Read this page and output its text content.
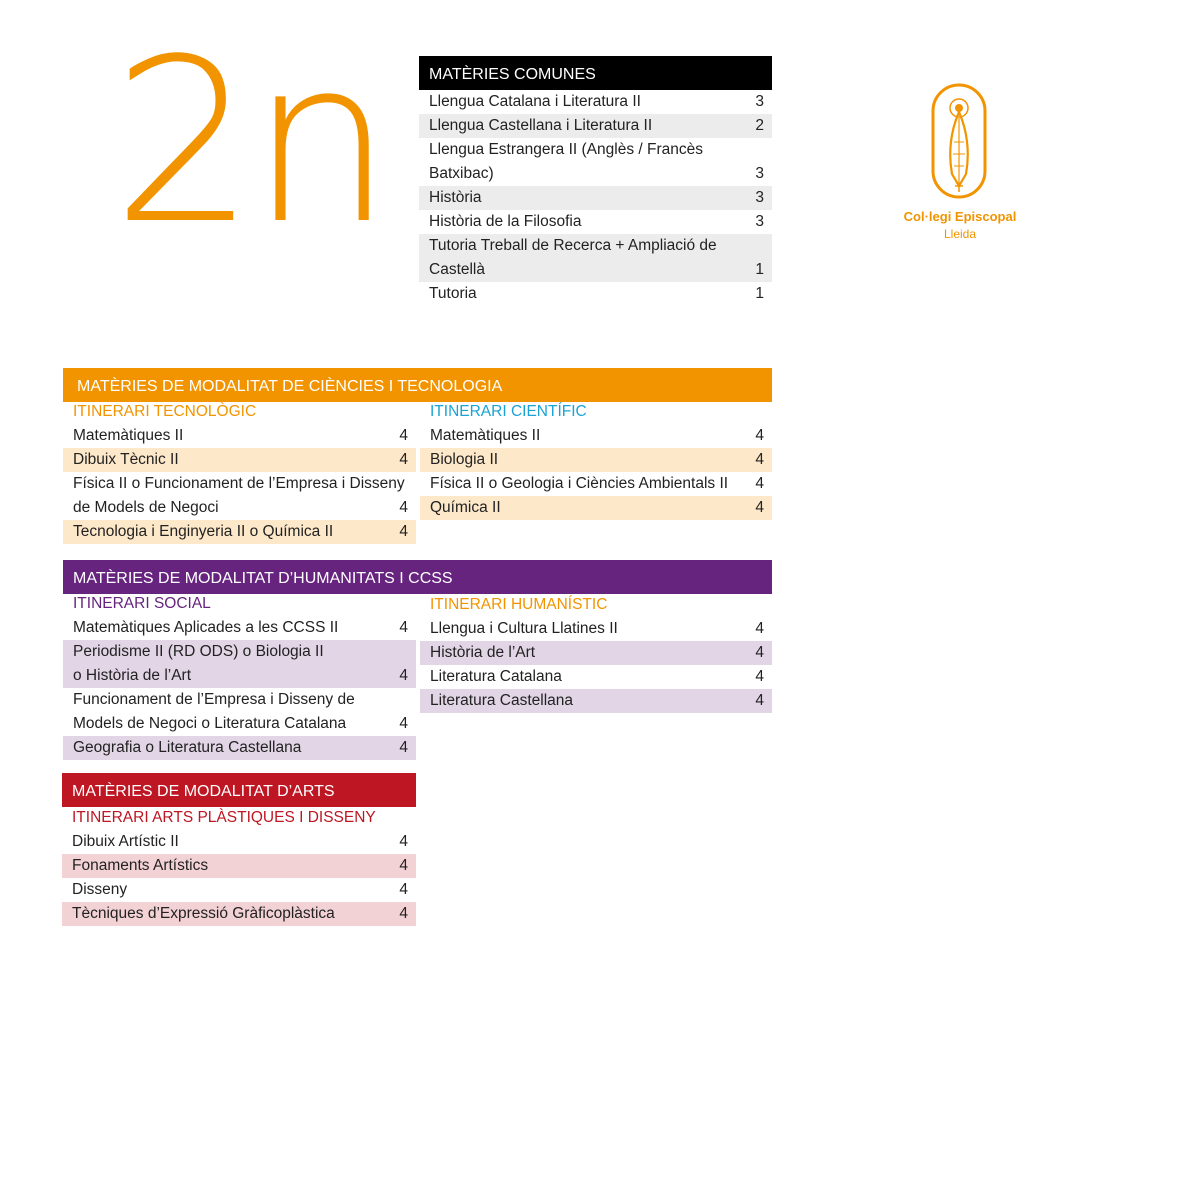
2n	MATÈRIES COMUNES
Llengua Catalana i Literatura II	3
Llengua Castellana i Literatura II	2
Llengua Estrangera II (Anglès / Francès Batxibac)	3
Història	3
Història de la Filosofia	3
Tutoria Treball de Recerca + Ampliació de Castellà	1
Tutoria	1
Col·legi Episcopal
Lleida
MATÈRIES DE MODALITAT DE CIÈNCIES I TECNOLOGIA
ITINERARI TECNOLÒGIC
Matemàtiques II	4
Dibuix Tècnic II	4
Física II o Funcionament de l’Empresa i Disseny de Models de Negoci	4
Tecnologia i Enginyeria II o Química II	4
ITINERARI CIENTÍFIC
Matemàtiques II	4
Biologia II	4
Física II o Geologia i Ciències Ambientals II 4
Química II	4
MATÈRIES DE MODALITAT D’HUMANITATS I CCSS
ITINERARI SOCIAL
Matemàtiques Aplicades a les CCSS II	4
Periodisme II (RD ODS) o Biologia II o Història de l’Art	4
Funcionament de l’Empresa i Disseny de Models de Negoci o Literatura Catalana	4
Geografia o Literatura Castellana	4
ITINERARI HUMANÍSTIC
Llengua i Cultura Llatines II	4
Història de l’Art	4
Literatura Catalana	4
Literatura Castellana	4
MATÈRIES DE MODALITAT D’ARTS
ITINERARI ARTS PLÀSTIQUES I DISSENY
Dibuix Artístic II	4
Fonaments Artístics	4
Disseny	4
Tècniques d’Expressió Gràficoplàstica	4
